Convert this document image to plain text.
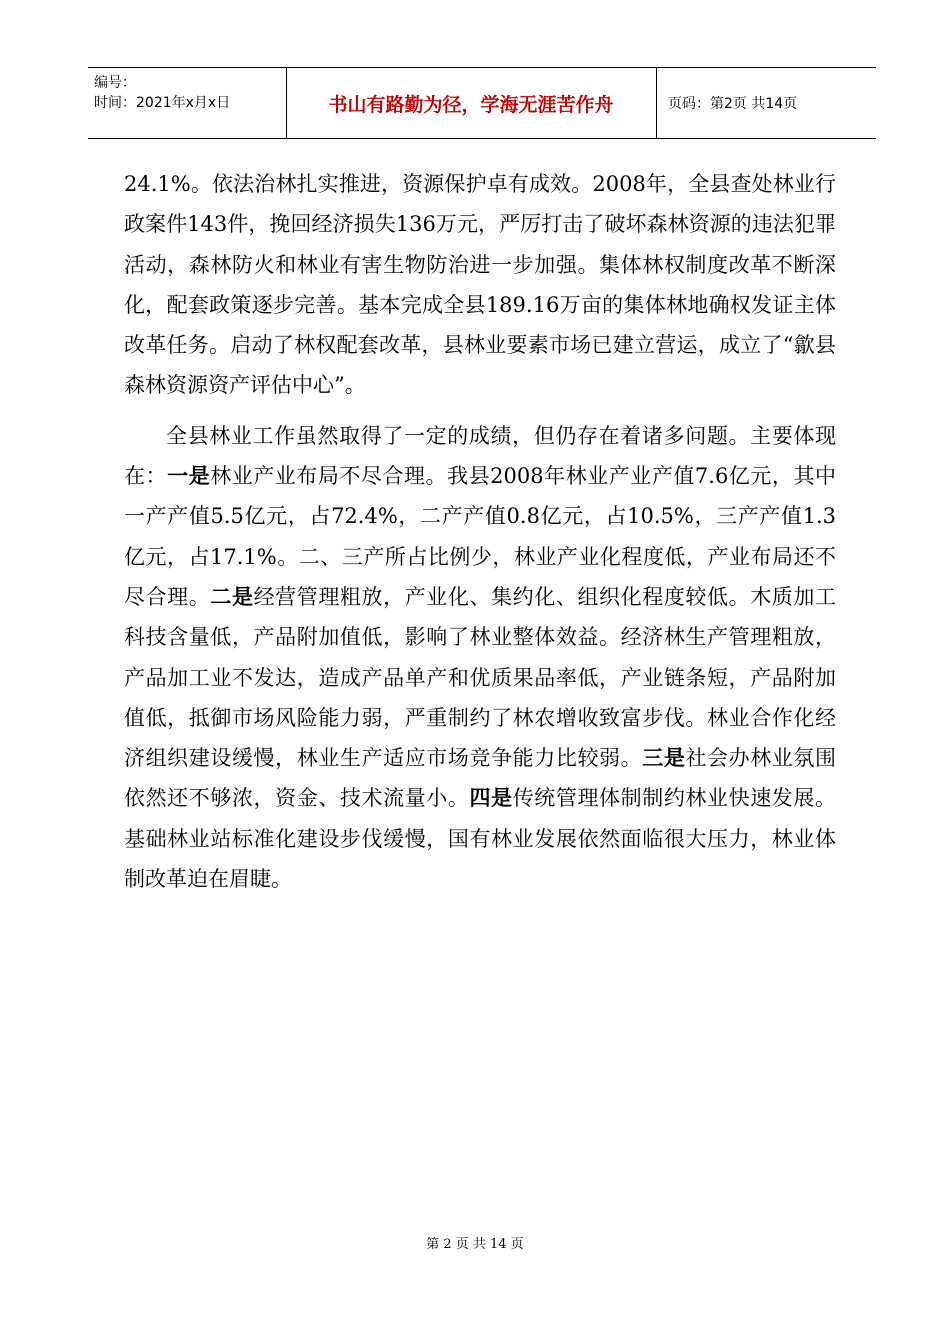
编号：
时间：2021年x月x日	书山有路勤为径，学海无涯苦作舟	页码：第2页 共14页

24.1%。依法治林扎实推进，资源保护卓有成效。2008年，全县查处林业行政案件143件，挽回经济损失136万元，严厉打击了破坏森林资源的违法犯罪活动，森林防火和林业有害生物防治进一步加强。集体林权制度改革不断深化，配套政策逐步完善。基本完成全县189.16万亩的集体林地确权发证主体改革任务。启动了林权配套改革，县林业要素市场已建立营运，成立了“歙县森林资源资产评估中心”。

全县林业工作虽然取得了一定的成绩，但仍存在着诸多问题。主要体现在：一是林业产业布局不尽合理。我县2008年林业产业产值7.6亿元，其中一产产值5.5亿元，占72.4%，二产产值0.8亿元，占10.5%，三产产值1.3亿元，占17.1%。二、三产所占比例少，林业产业化程度低，产业布局还不尽合理。二是经营管理粗放，产业化、集约化、组织化程度较低。木质加工科技含量低，产品附加值低，影响了林业整体效益。经济林生产管理粗放，产品加工业不发达，造成产品单产和优质果品率低，产业链条短，产品附加值低，抵御市场风险能力弱，严重制约了林农增收致富步伐。林业合作化经济组织建设缓慢，林业生产适应市场竞争能力比较弱。三是社会办林业氛围依然还不够浓，资金、技术流量小。四是传统管理体制制约林业快速发展。基础林业站标准化建设步伐缓慢，国有林业发展依然面临很大压力，林业体制改革迫在眉睫。

第 2 页 共 14 页
